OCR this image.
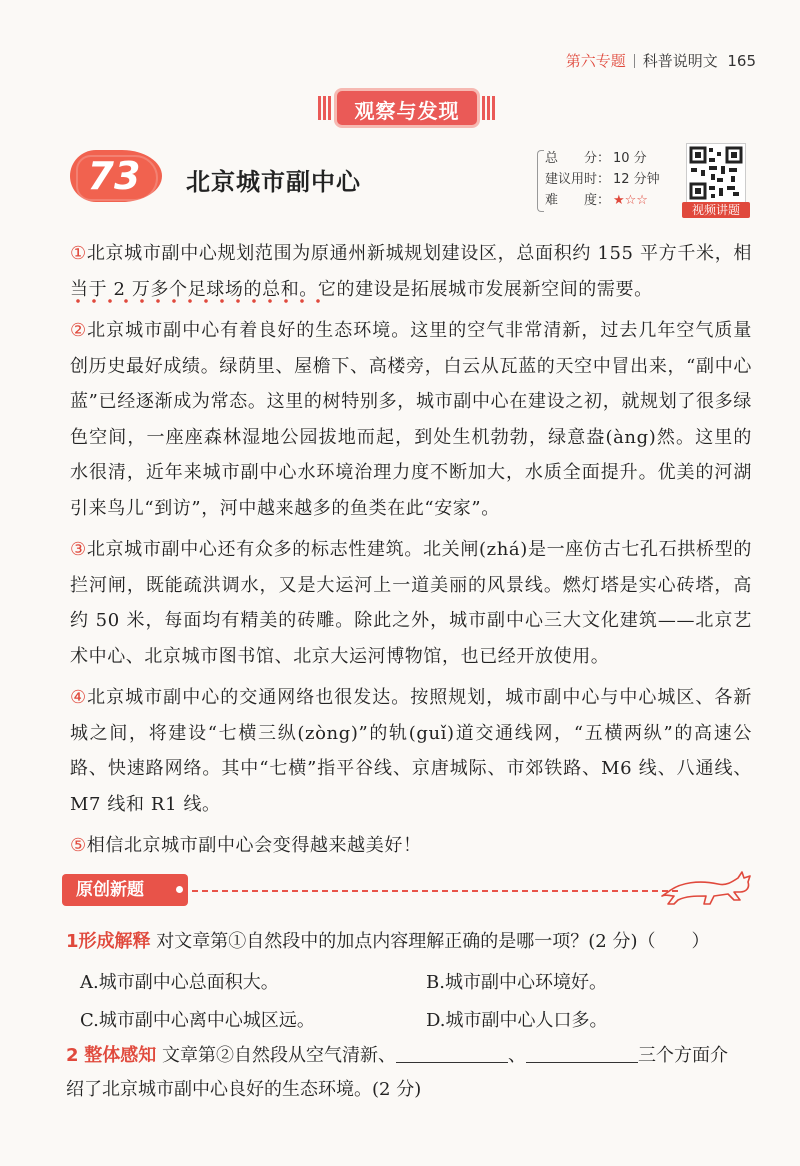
第六专题 科普说明文 165
观察与发现
73	北京城市副中心
总　　分： 10 分
建议用时： 12 分钟
难　　度： ★☆☆
视频讲题

①北京城市副中心规划范围为原通州新城规划建设区，总面积约 155 平方千米，相当于 2 万多个足球场的总和。它的建设是拓展城市发展新空间的需要。

②北京城市副中心有着良好的生态环境。这里的空气非常清新，过去几年空气质量创历史最好成绩。绿荫里、屋檐下、高楼旁，白云从瓦蓝的天空中冒出来，“副中心蓝”已经逐渐成为常态。这里的树特别多，城市副中心在建设之初，就规划了很多绿色空间，一座座森林湿地公园拔地而起，到处生机勃勃，绿意盎(àng)然。这里的水很清，近年来城市副中心水环境治理力度不断加大，水质全面提升。优美的河湖引来鸟儿“到访”，河中越来越多的鱼类在此“安家”。

③北京城市副中心还有众多的标志性建筑。北关闸(zhá)是一座仿古七孔石拱桥型的拦河闸，既能疏洪调水，又是大运河上一道美丽的风景线。燃灯塔是实心砖塔，高约 50 米，每面均有精美的砖雕。除此之外，城市副中心三大文化建筑——北京艺术中心、北京城市图书馆、北京大运河博物馆，也已经开放使用。

④北京城市副中心的交通网络也很发达。按照规划，城市副中心与中心城区、各新城之间，将建设“七横三纵(zòng)”的轨(guǐ)道交通线网，“五横两纵”的高速公路、快速路网络。其中“七横”指平谷线、京唐城际、市郊铁路、M6 线、八通线、M7 线和 R1 线。

⑤相信北京城市副中心会变得越来越美好！

原创新题
1形成解释 对文章第①自然段中的加点内容理解正确的是哪一项？(2 分)（　　）
A.城市副中心总面积大。	B.城市副中心环境好。
C.城市副中心离中心城区远。	D.城市副中心人口多。
2 整体感知 文章第②自然段从空气清新、	、	三个方面介
绍了北京城市副中心良好的生态环境。(2 分)
